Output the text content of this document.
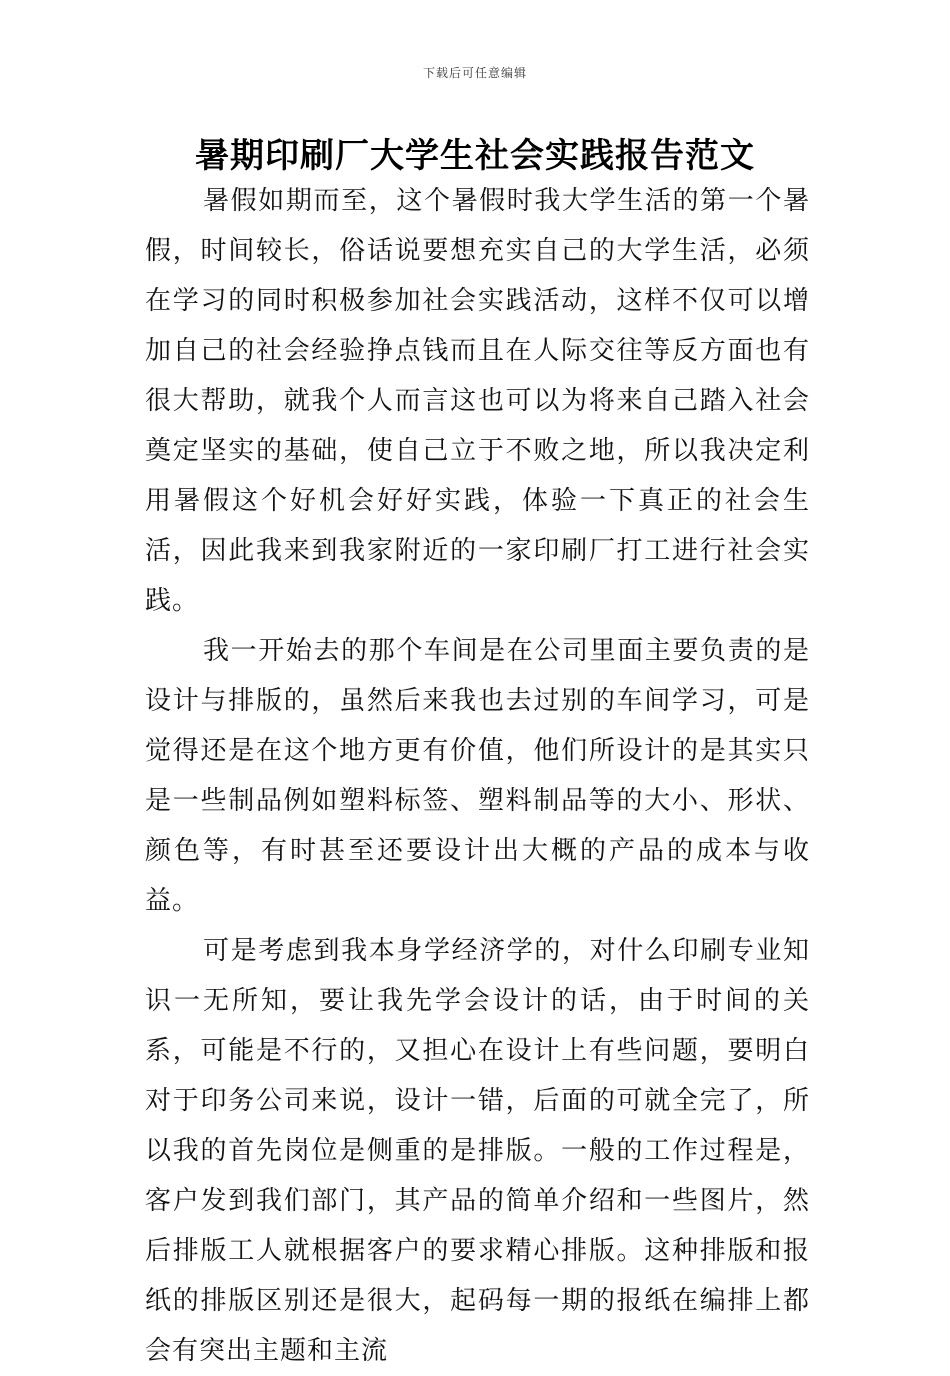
下载后可任意编辑
暑期印刷厂大学生社会实践报告范文

暑假如期而至，这个暑假时我大学生活的第一个暑假，时间较长，俗话说要想充实自己的大学生活，必须在学习的同时积极参加社会实践活动，这样不仅可以增加自己的社会经验挣点钱而且在人际交往等反方面也有很大帮助，就我个人而言这也可以为将来自己踏入社会奠定坚实的基础，使自己立于不败之地，所以我决定利用暑假这个好机会好好实践，体验一下真正的社会生活，因此我来到我家附近的一家印刷厂打工进行社会实践。

我一开始去的那个车间是在公司里面主要负责的是设计与排版的，虽然后来我也去过别的车间学习，可是觉得还是在这个地方更有价值，他们所设计的是其实只是一些制品例如塑料标签、塑料制品等的大小、形状、颜色等，有时甚至还要设计出大概的产品的成本与收益。

可是考虑到我本身学经济学的，对什么印刷专业知识一无所知，要让我先学会设计的话，由于时间的关系，可能是不行的，又担心在设计上有些问题，要明白对于印务公司来说，设计一错，后面的可就全完了，所以我的首先岗位是侧重的是排版。一般的工作过程是，客户发到我们部门，其产品的简单介绍和一些图片，然后排版工人就根据客户的要求精心排版。这种排版和报纸的排版区别还是很大，起码每一期的报纸在编排上都会有突出主题和主流
